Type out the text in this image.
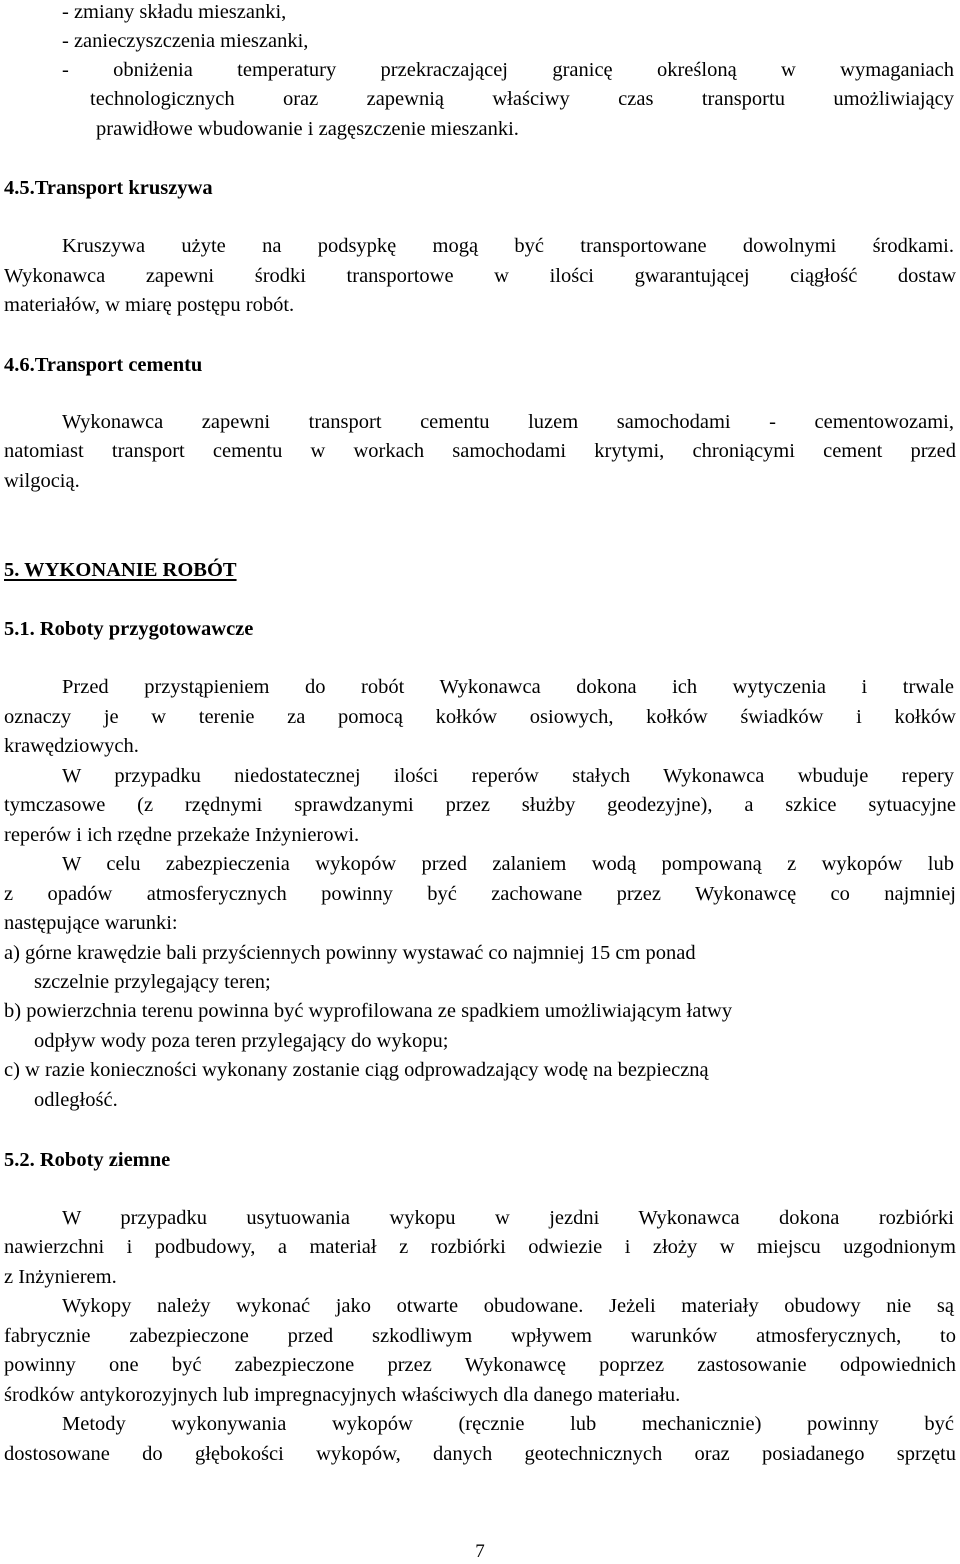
- zmiany składu mieszanki,
- zanieczyszczenia mieszanki,
- obniżenia temperatury przekraczającej granicę określoną w wymaganiach
technologicznych oraz zapewnią właściwy czas transportu umożliwiający
prawidłowe wbudowanie i zagęszczenie mieszanki.
4.5.Transport kruszywa
Kruszywa użyte na podsypkę mogą być transportowane dowolnymi środkami.
Wykonawca zapewni środki transportowe w ilości gwarantującej ciągłość dostaw
materiałów, w miarę postępu robót.
4.6.Transport cementu
Wykonawca zapewni transport cementu luzem samochodami - cementowozami,
natomiast transport cementu w workach samochodami krytymi, chroniącymi cement przed
wilgocią.
5. WYKONANIE ROBÓT
5.1. Roboty przygotowawcze
Przed przystąpieniem do robót Wykonawca dokona ich wytyczenia i trwale
oznaczy je w terenie za pomocą kołków osiowych, kołków świadków i kołków
krawędziowych.
W przypadku niedostatecznej ilości reperów stałych Wykonawca wbuduje repery
tymczasowe (z rzędnymi sprawdzanymi przez służby geodezyjne), a szkice sytuacyjne
reperów i ich rzędne przekaże Inżynierowi.
W celu zabezpieczenia wykopów przed zalaniem wodą pompowaną z wykopów lub
z opadów atmosferycznych powinny być zachowane przez Wykonawcę co najmniej
następujące warunki:
a) górne krawędzie bali przyściennych powinny wystawać co najmniej 15 cm ponad
szczelnie przylegający teren;
b) powierzchnia terenu powinna być wyprofilowana ze spadkiem umożliwiającym łatwy
odpływ wody poza teren przylegający do wykopu;
c) w razie konieczności wykonany zostanie ciąg odprowadzający wodę na bezpieczną
odległość.
5.2. Roboty ziemne
W przypadku usytuowania wykopu w jezdni Wykonawca dokona rozbiórki
nawierzchni i podbudowy, a materiał z rozbiórki odwiezie i złoży w miejscu uzgodnionym
z Inżynierem.
Wykopy należy wykonać jako otwarte obudowane. Jeżeli materiały obudowy nie są
fabrycznie zabezpieczone przed szkodliwym wpływem warunków atmosferycznych, to
powinny one być zabezpieczone przez Wykonawcę poprzez zastosowanie odpowiednich
środków antykorozyjnych lub impregnacyjnych właściwych dla danego materiału.
Metody wykonywania wykopów (ręcznie lub mechanicznie) powinny być
dostosowane do głębokości wykopów, danych geotechnicznych oraz posiadanego sprzętu
7
